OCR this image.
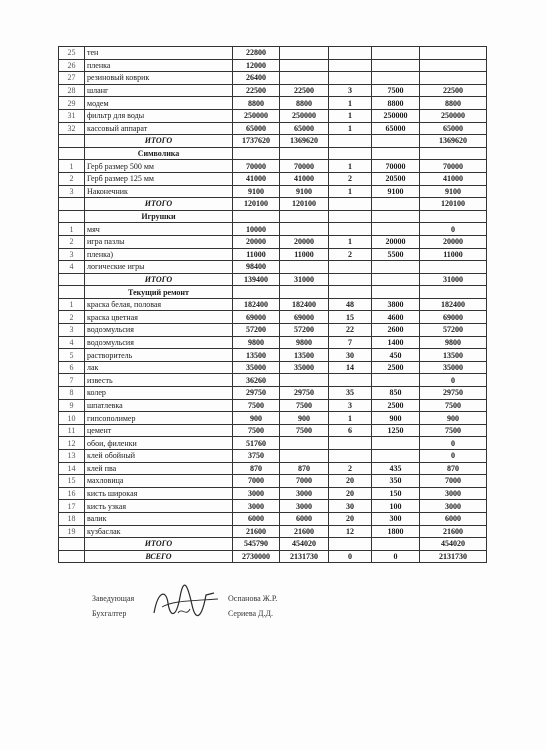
25	тен	22800				
26	пленка	12000				
27	резиновый коврик	26400				
28	шланг	22500	22500	3	7500	22500
29	модем	8800	8800	1	8800	8800
31	фильтр для воды	250000	250000	1	250000	250000
32	кассовый аппарат	65000	65000	1	65000	65000
	ИТОГО	1737620	1369620			1369620
	Символика					
1	Герб размер 500 мм	70000	70000	1	70000	70000
2	Герб размер 125 мм	41000	41000	2	20500	41000
3	Наконечник	9100	9100	1	9100	9100
	ИТОГО	120100	120100			120100
	Игрушки					
1	мяч	10000				0
2	игра пазлы	20000	20000	1	20000	20000
3	пленка)	11000	11000	2	5500	11000
4	логические игры	98400				
	ИТОГО	139400	31000			31000
	Текущий ремонт					
1	краска белая, половая	182400	182400	48	3800	182400
2	краска цветная	69000	69000	15	4600	69000
3	водоэмульсия	57200	57200	22	2600	57200
4	водоэмульсия	9800	9800	7	1400	9800
5	растворитель	13500	13500	30	450	13500
6	лак	35000	35000	14	2500	35000
7	известь	36260				0
8	колер	29750	29750	35	850	29750
9	шпатлевка	7500	7500	3	2500	7500
10	гипсополимер	900	900	1	900	900
11	цемент	7500	7500	6	1250	7500
12	обои, филенки	51760				0
13	клей обойный	3750				0
14	клей пва	870	870	2	435	870
15	махловица	7000	7000	20	350	7000
16	кисть широкая	3000	3000	20	150	3000
17	кисть узкая	3000	3000	30	100	3000
18	валик	6000	6000	20	300	6000
19	кузбаслак	21600	21600	12	1800	21600
	ИТОГО	545790	454020			454020
	ВСЕГО	2730000	2131730	0	0	2131730
Заведующая	Оспанова Ж.Р.
Бухгалтер	Сериева Д.Д.
